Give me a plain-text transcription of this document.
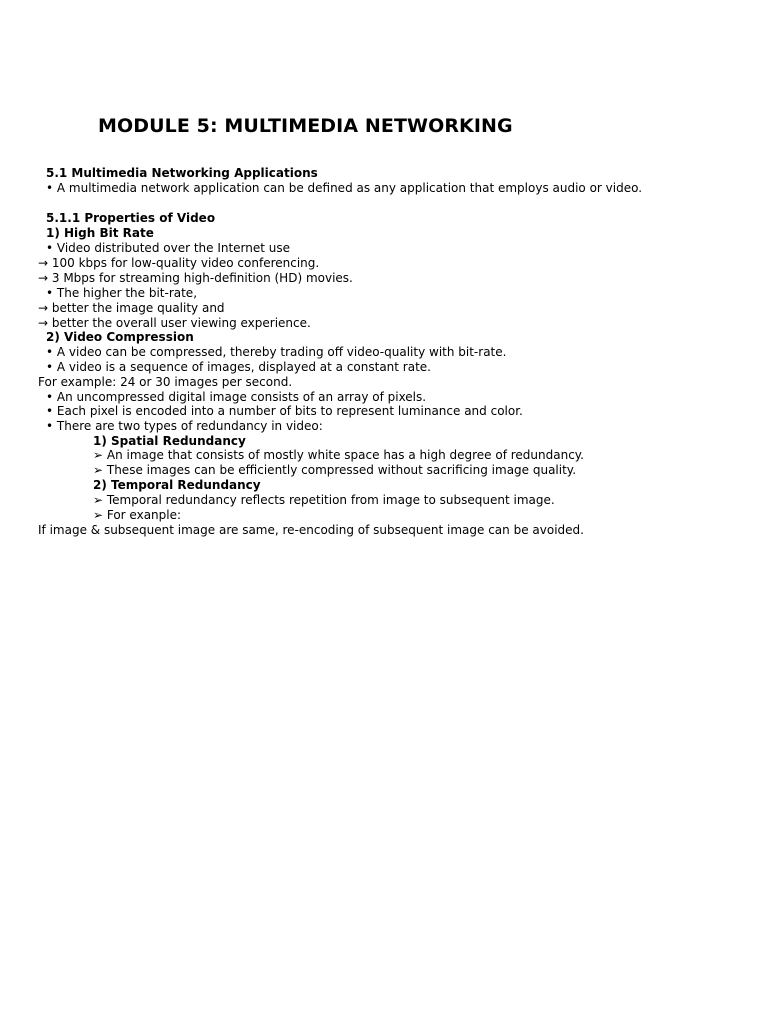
MODULE 5: MULTIMEDIA NETWORKING
5.1 Multimedia Networking Applications
• A multimedia network application can be defined as any application that employs audio or video.
5.1.1 Properties of Video
1) High Bit Rate
• Video distributed over the Internet use
→ 100 kbps for low-quality video conferencing.
→ 3 Mbps for streaming high-definition (HD) movies.
• The higher the bit-rate,
→ better the image quality and
→ better the overall user viewing experience.
2) Video Compression
• A video can be compressed, thereby trading off video-quality with bit-rate.
• A video is a sequence of images, displayed at a constant rate.
For example: 24 or 30 images per second.
• An uncompressed digital image consists of an array of pixels.
• Each pixel is encoded into a number of bits to represent luminance and color.
• There are two types of redundancy in video:
1) Spatial Redundancy
➢ An image that consists of mostly white space has a high degree of redundancy.
➢ These images can be efficiently compressed without sacrificing image quality.
2) Temporal Redundancy
➢ Temporal redundancy reflects repetition from image to subsequent image.
➢ For exanple:
If image & subsequent image are same, re-encoding of subsequent image can be avoided.
